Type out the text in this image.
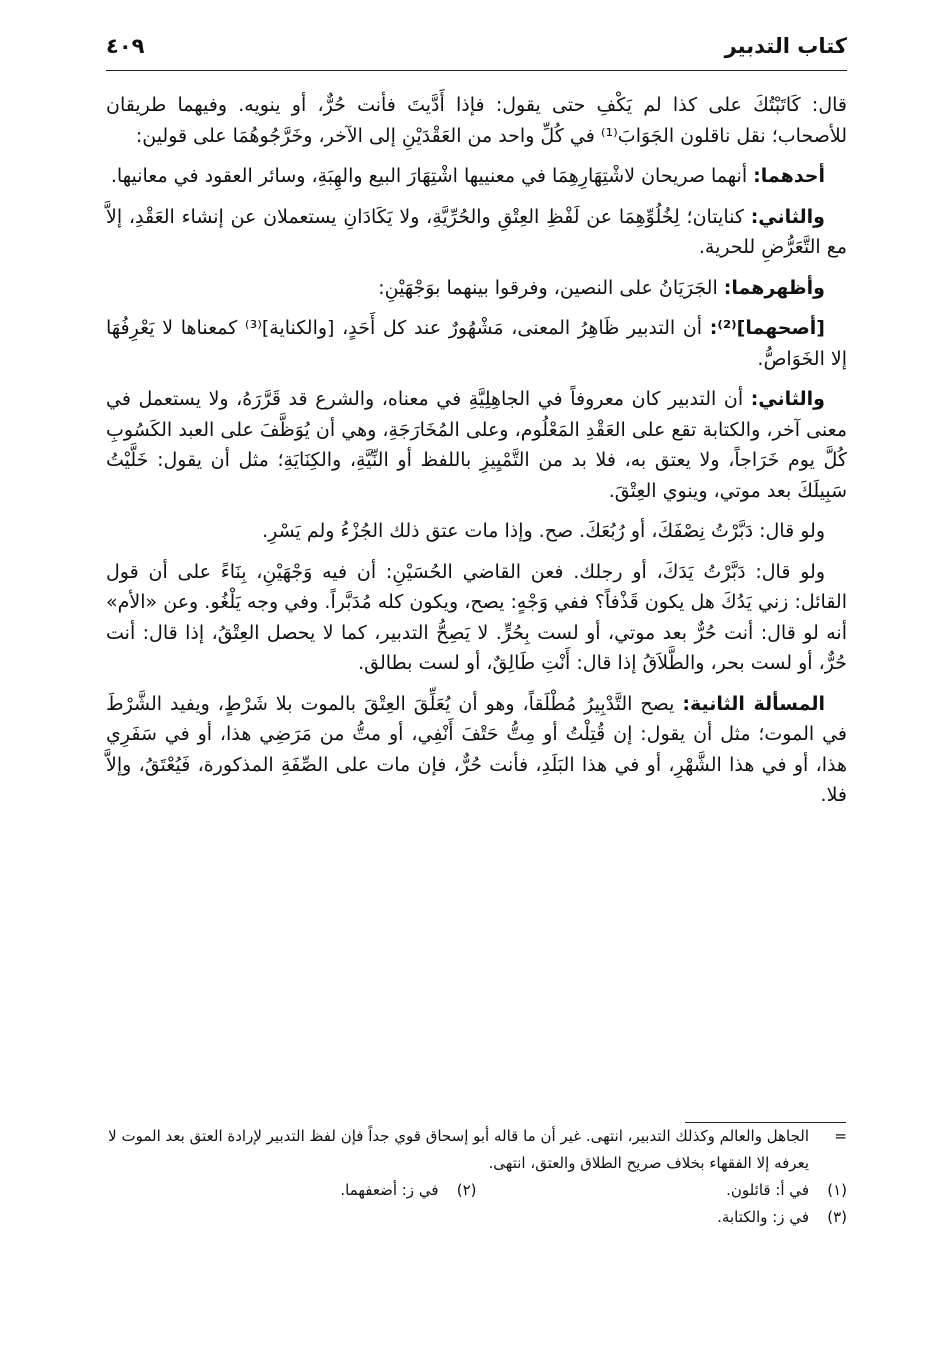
كتاب التدبير
٤٠٩

قال: كَاتَبْتُكَ على كذا لم يَكْفِ حتى يقول: فإذا أَدَّيتَ فأنت حُرٌّ، أو ينويه. وفيهما طريقان للأصحاب؛ نقل ناقلون الجَوَابَ⁽¹⁾ في كُلِّ واحد من العَقْدَيْنِ إلى الآخر، وخَرَّجُوهُمَا على قولين:

أحدهما: أنهما صريحان لاشْتِهَارِهِمَا في معنييها اشْتِهَارَ البيع والهِبَةِ، وسائر العقود في معانيها.

والثاني: كنايتان؛ لِخُلُوِّهِمَا عن لَفْظِ العِتْقِ والحُرِّيَّةِ، ولا يَكَادَانِ يستعملان عن إنشاء العَقْدِ، إلاَّ مع التَّعَرُّضِ للحرية.

وأظهرهما: الجَرَيَانُ على النصين، وفرقوا بينهما بوَجْهَيْنِ:

[أصحهما]⁽²⁾: أن التدبير ظَاهِرُ المعنى، مَشْهُورٌ عند كل أَحَدٍ، [والكناية]⁽³⁾ كمعناها لا يَعْرِفُهَا إلا الخَوَاصُّ.

والثاني: أن التدبير كان معروفاً في الجاهِلِيَّةِ في معناه، والشرع قد قَرَّرَهُ، ولا يستعمل في معنى آخر، والكتابة تقع على العَقْدِ المَعْلُوم، وعلى المُخَارَجَةِ، وهي أن يُوَظَّفَ على العبد الكَسُوبِ كُلَّ يوم خَرَاجاً، ولا يعتق به، فلا بد من التَّمْيِيزِ باللفظ أو النِّيَّةِ، والكِنَايَةِ؛ مثل أن يقول: خَلَّيْتُ سَبِيلَكَ بعد موتي، وينوي العِتْقَ.

ولو قال: دَبَّرْتُ نِصْفَكَ، أو رُبُعَكَ. صح. وإذا مات عتق ذلك الجُزْءُ ولم يَسْرِ.

ولو قال: دَبَّرْتُ يَدَكَ، أو رجلك. فعن القاضي الحُسَيْنِ: أن فيه وَجْهَيْنِ، بِنَاءً على أن قول القائل: زني يَدُكَ هل يكون قَذْفاً؟ ففي وَجْهٍ: يصح، ويكون كله مُدَبَّراً. وفي وجه يَلْغُو. وعن «الأم» أنه لو قال: أنت حُرٌّ بعد موتي، أو لست بِحُرٍّ. لا يَصِحُّ التدبير، كما لا يحصل العِتْقُ، إذا قال: أنت حُرٌّ، أو لست بحر، والطَّلاَقُ إذا قال: أَنْتِ طَالِقٌ، أو لست بطالق.

المسألة الثانية: يصح التَّدْبِيرُ مُطْلَقاً، وهو أن يُعَلِّقَ العِتْقَ بالموت بلا شَرْطٍ، ويفيد الشَّرْطَ في الموت؛ مثل أن يقول: إن قُتِلْتُ أو مِتُّ حَتْفَ أَنْفِي، أو متُّ من مَرَضِي هذا، أو في سَفَرِي هذا، أو في هذا الشَّهْرِ، أو في هذا البَلَدِ، فأنت حُرٌّ، فإن مات على الصِّفَةِ المذكورة، فَيُعْتَقُ، وإلاَّ فلا.

=
الجاهل والعالم وكذلك التدبير، انتهى. غير أن ما قاله أبو إسحاق قوي جداً فإن لفظ التدبير لإرادة العتق بعد الموت لا يعرفه إلا الفقهاء بخلاف صريح الطلاق والعتق، انتهى.
(١)
في أ: قائلون.
(٢)
في ز: أضعفهما.
(٣)
في ز: والكتابة.
